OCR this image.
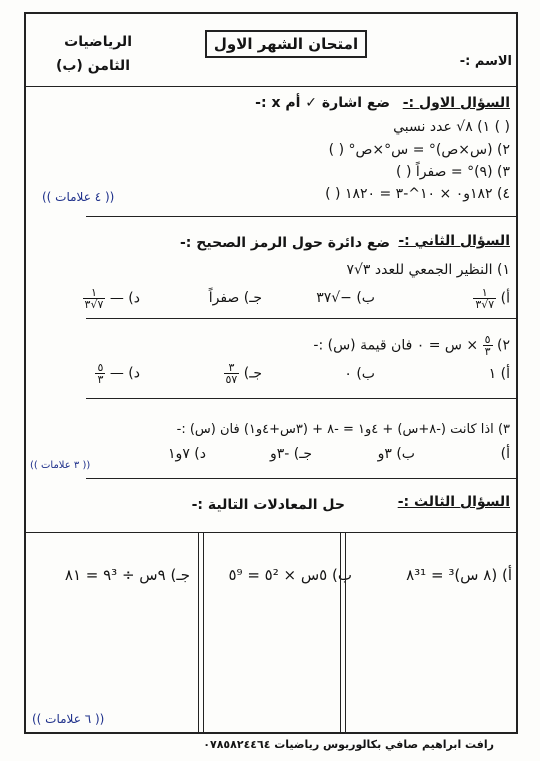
الرياضيات
الثامن (ب)
امتحان الشهر الاول
الاسم :-
السؤال الاول :-
ضع اشارة ✓ أم x :-
١) ٨√ عدد نسبي ( )
٢) (س×ص)° = س°×ص° ( )
٣) (٩)° = صفراً ( )
٤) ١٨٢و٠ × ١٠^-٣ = ١٨٢٠ ( )
(( ٤ علامات ))
السؤال الثاني :-
ضع دائرة حول الرمز الصحيح :-
١) النظير الجمعي للعدد ٣√٧
أ)
$\frac{١}{٧√٣}$
ب) −√٣٧
جـ) صفراً
د) —
$\frac{١}{٧√٣}$
٢)
$\frac{٥}{٣}$
× س = ٠ فان قيمة (س) :-
أ) ١
ب) ٠
جـ)
$\frac{٣}{٥٧}$
د) —
$\frac{٥}{٣}$
٣) اذا كانت (-٨+س) + ٤و١ = -٨ + (٣س+٤و١) فان (س) :-
أ)
ب) ٣و
جـ) -٣و
د) ٧و١
(( ٣ علامات ))
السؤال الثالث :-
حل المعادلات التالية :-
أ) (٨ س)³ = ٨³¹
ب) ٥س × ٥² = ٥⁹
جـ) ٩س ÷ ٩³ = ٨١
(( ٦ علامات ))
رافت ابراهيم صافي بكالوريوس رياضيات ٠٧٨٥٨٢٤٤٦٤
